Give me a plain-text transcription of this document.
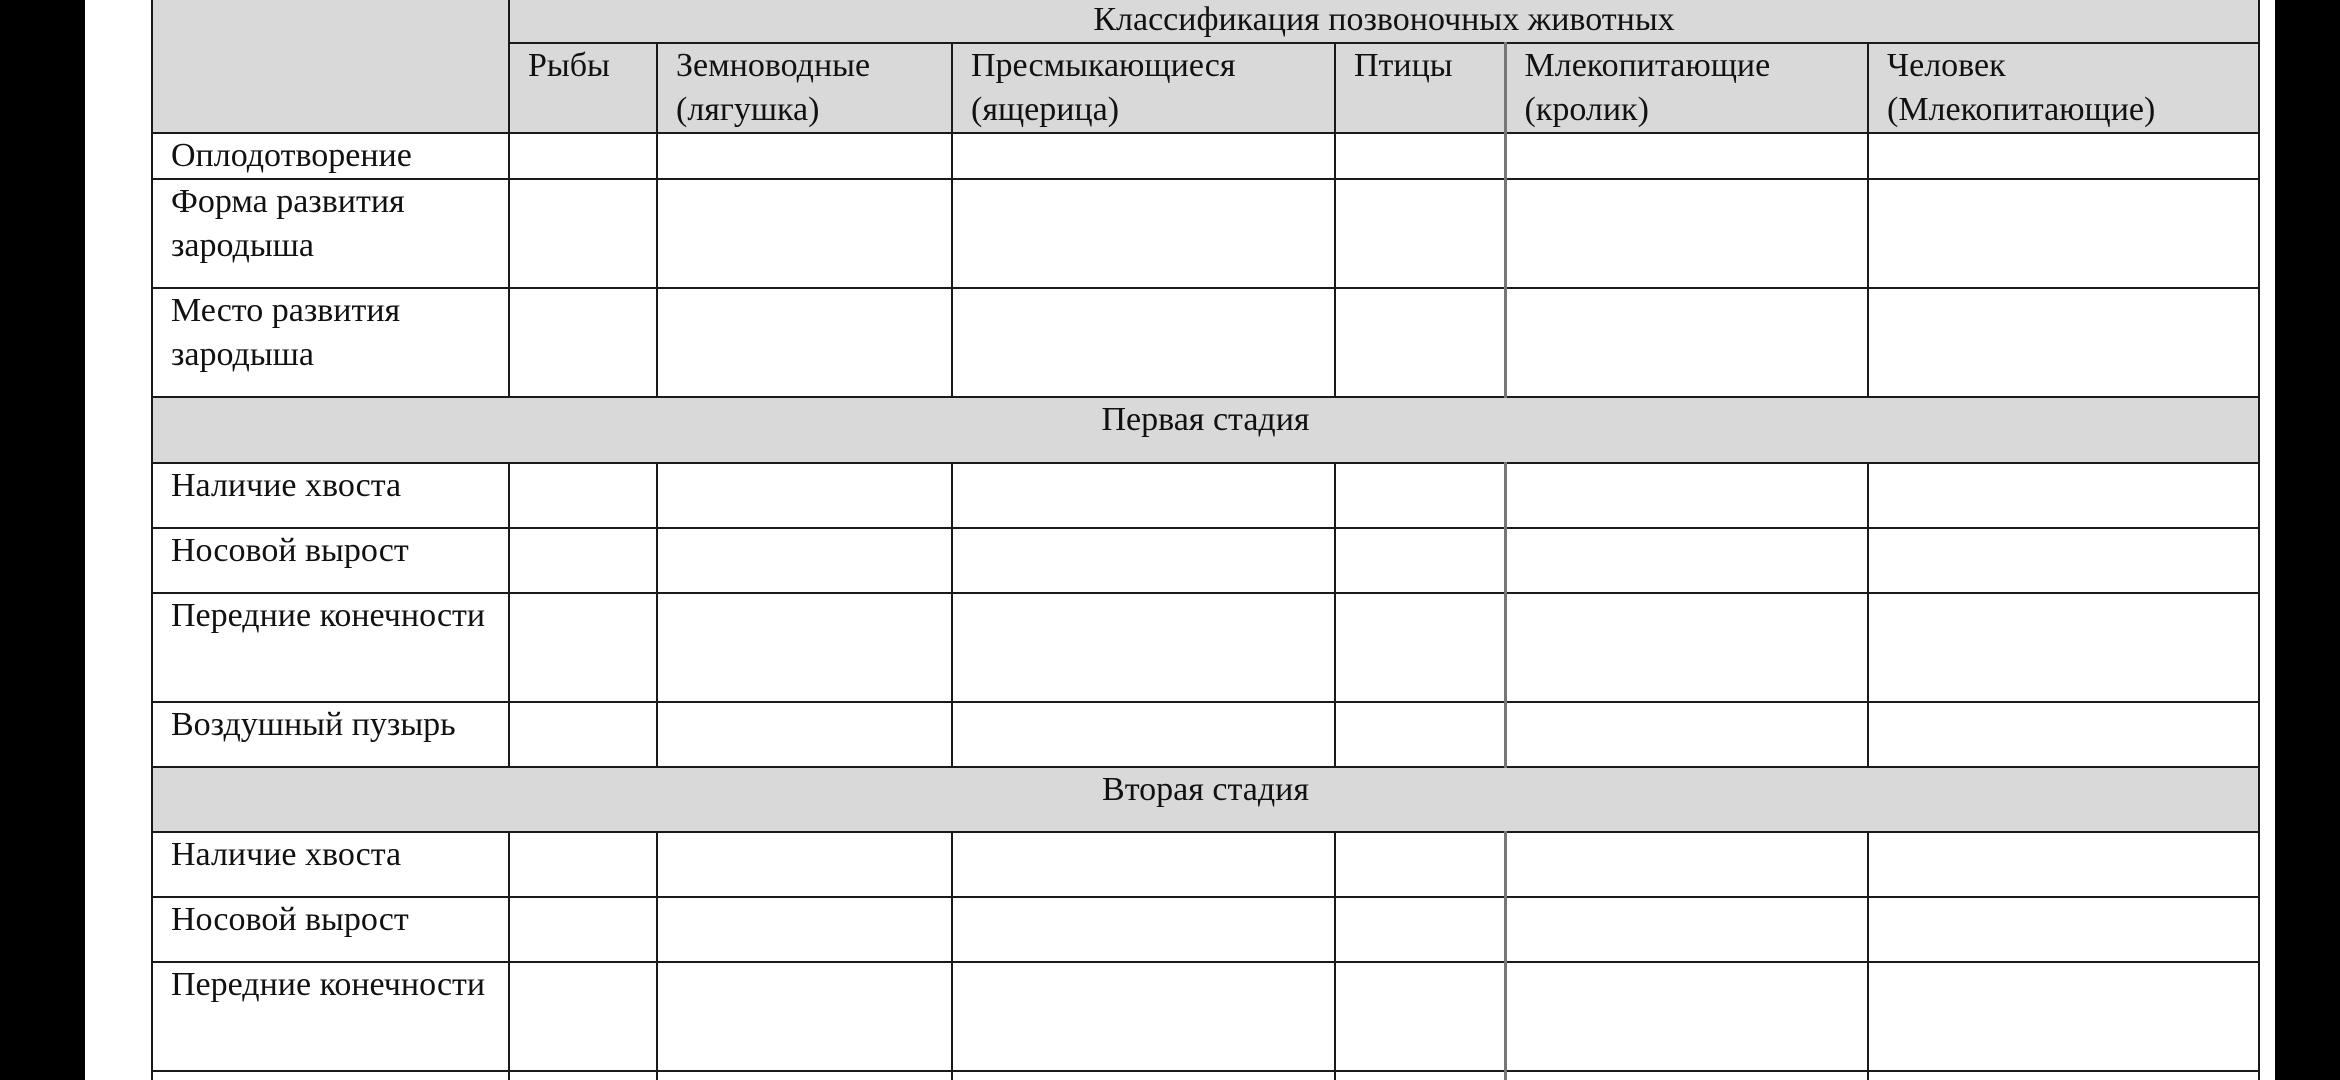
	Классификация позвоночных животных					
	Рыбы	Земноводные (лягушка)	Пресмыкающиеся (ящерица)	Птицы	Млекопитающие (кролик)	Человек (Млекопитающие)
Оплодотворение						
Форма развития зародыша						
Место развития зародыша						
Первая стадия						
Наличие хвоста						
Носовой вырост						
Передние конечности						
Воздушный пузырь						
Вторая стадия						
Наличие хвоста						
Носовой вырост						
Передние конечности						
